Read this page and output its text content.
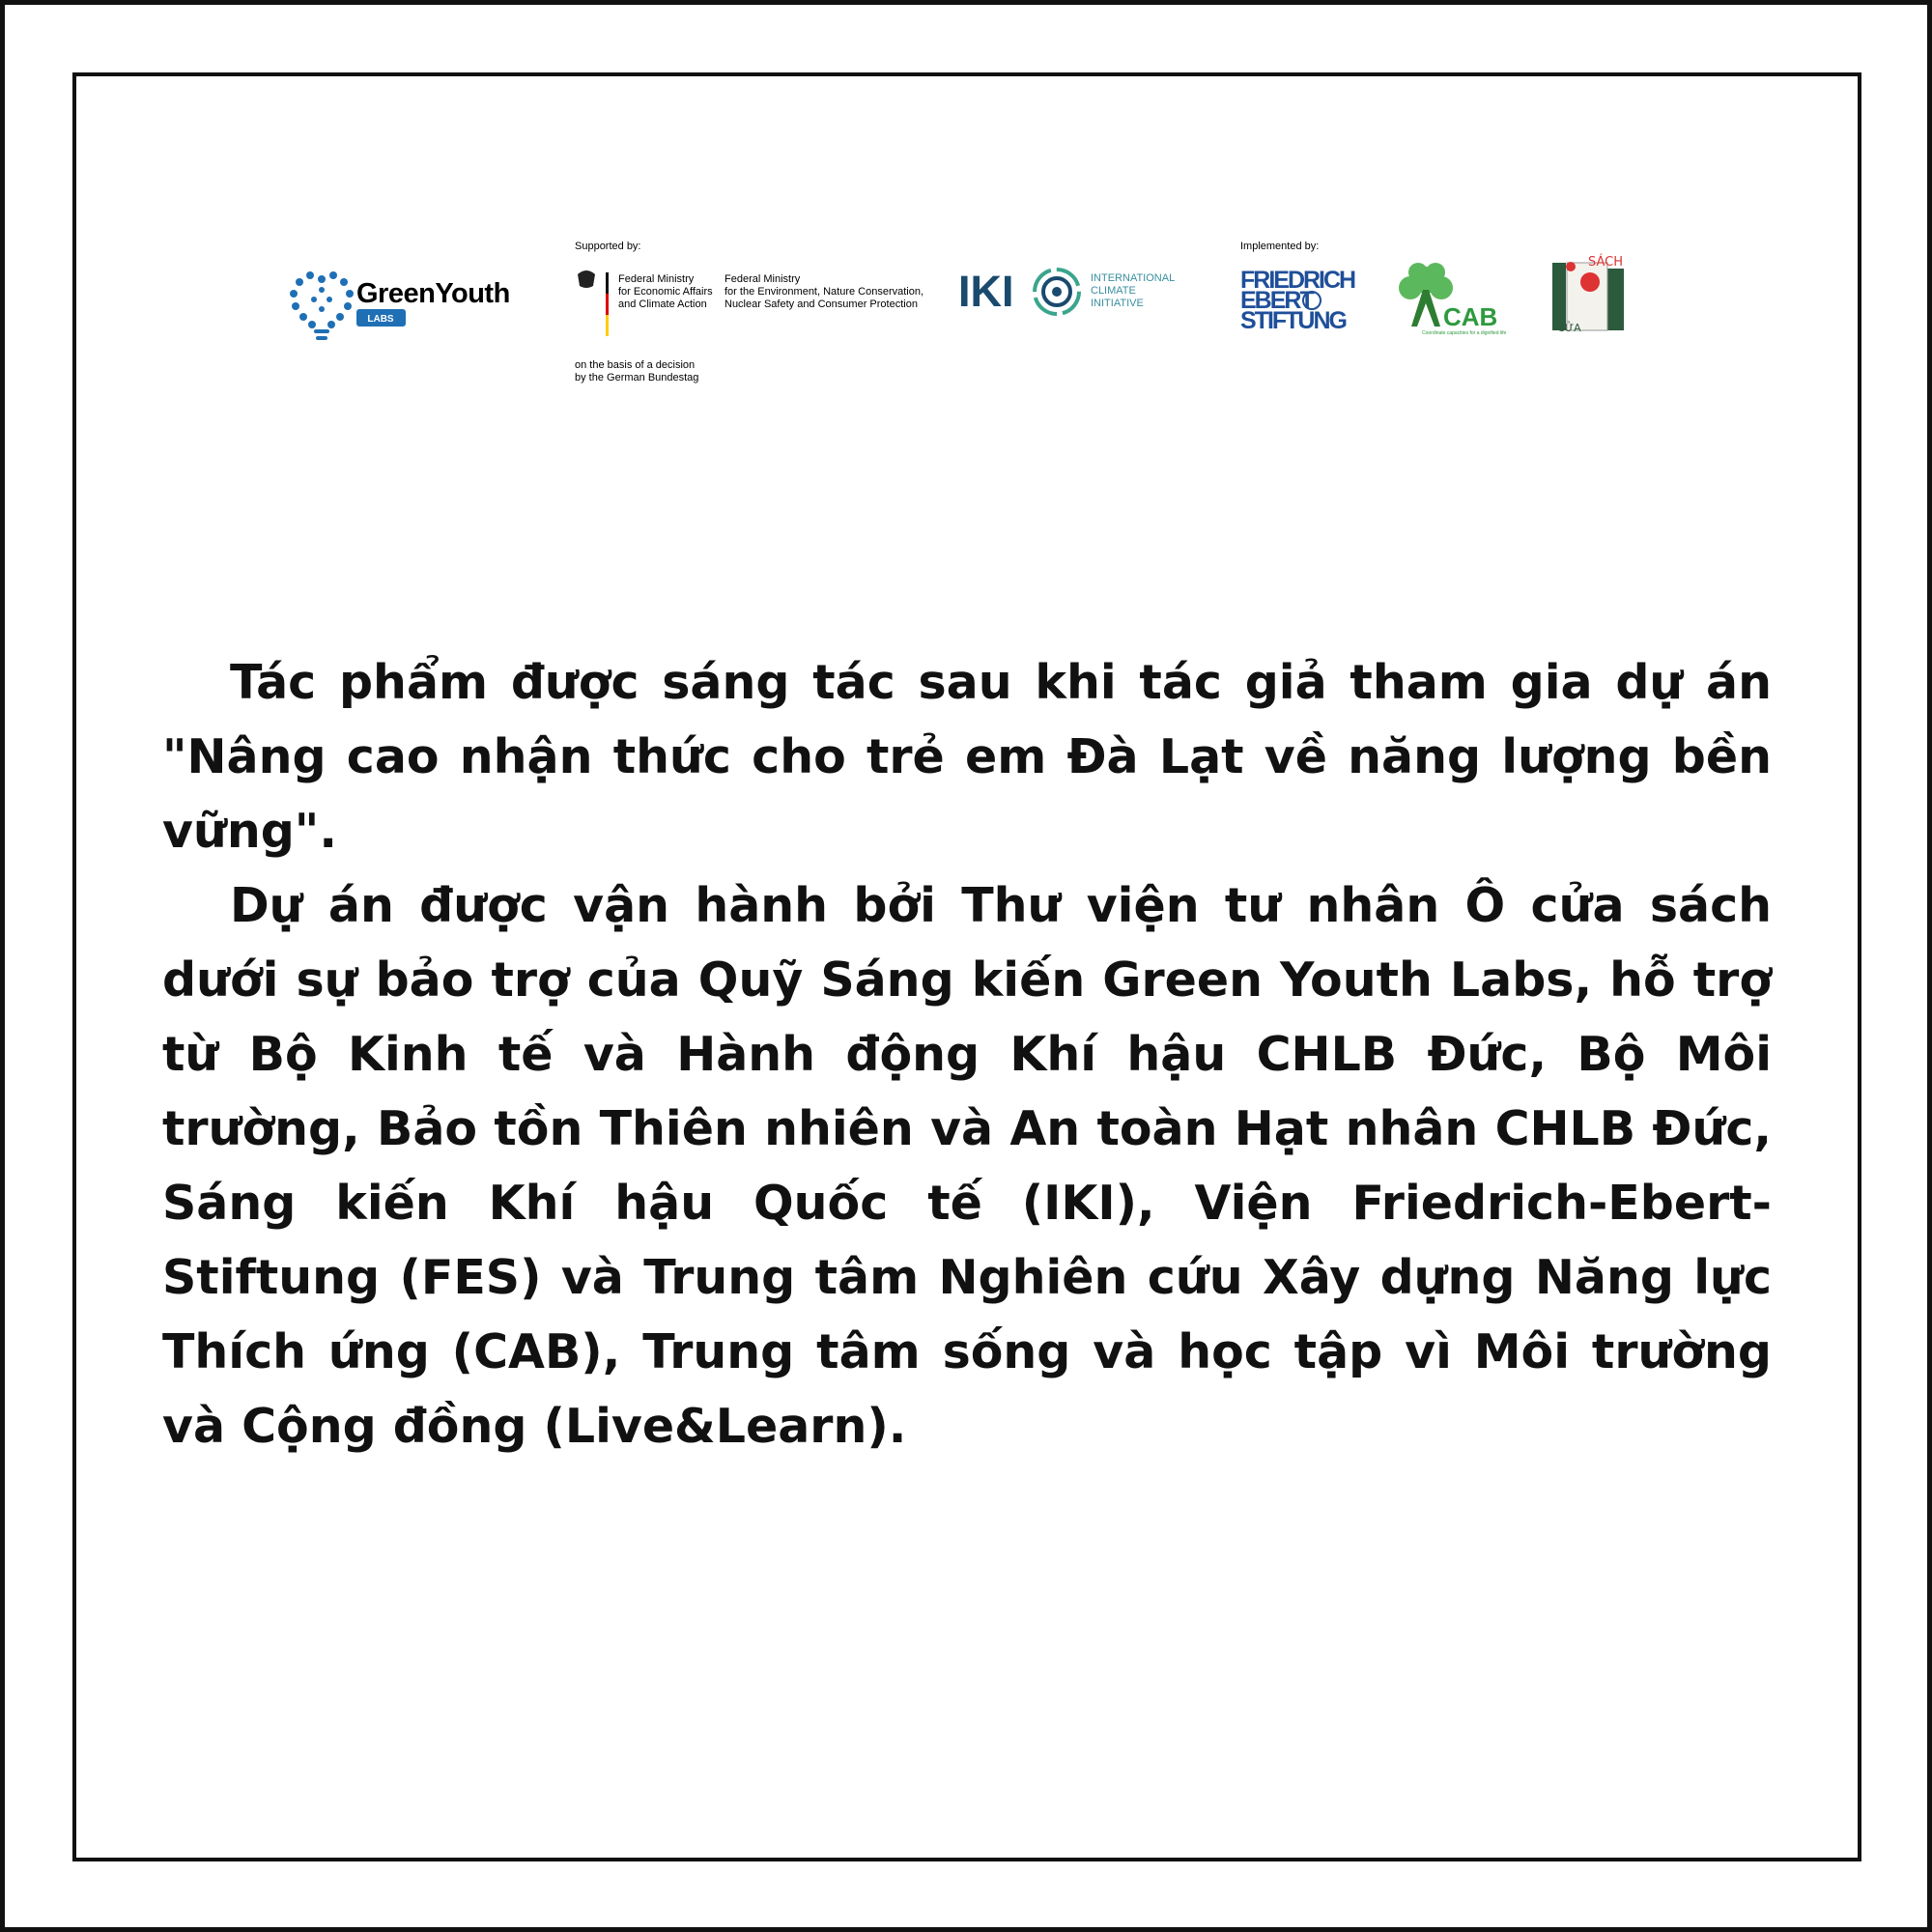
GreenYouth
LABS
Supported by:
Federal Ministry for Economic Affairs and Climate Action
Federal Ministry for the Environment, Nature Conservation, Nuclear Safety and Consumer Protection
on the basis of a decision by the German Bundestag
IKI	INTERNATIONAL CLIMATE INITIATIVE
Implemented by:
FRIEDRICH EBERT STIFTUNG	CAB
Coordinate capacities for a dignified life
SÁCH
CỬA

Tác phẩm được sáng tác sau khi tác giả tham gia dự án "Nâng cao nhận thức cho trẻ em Đà Lạt về năng lượng bền vững".

Dự án được vận hành bởi Thư viện tư nhân Ô cửa sách dưới sự bảo trợ của Quỹ Sáng kiến Green Youth Labs, hỗ trợ từ Bộ Kinh tế và Hành động Khí hậu CHLB Đức, Bộ Môi trường, Bảo tồn Thiên nhiên và An toàn Hạt nhân CHLB Đức, Sáng kiến Khí hậu Quốc tế (IKI), Viện Friedrich-Ebert- Stiftung (FES) và Trung tâm Nghiên cứu Xây dựng Năng lực Thích ứng (CAB), Trung tâm sống và học tập vì Môi trường và Cộng đồng (Live&Learn).
